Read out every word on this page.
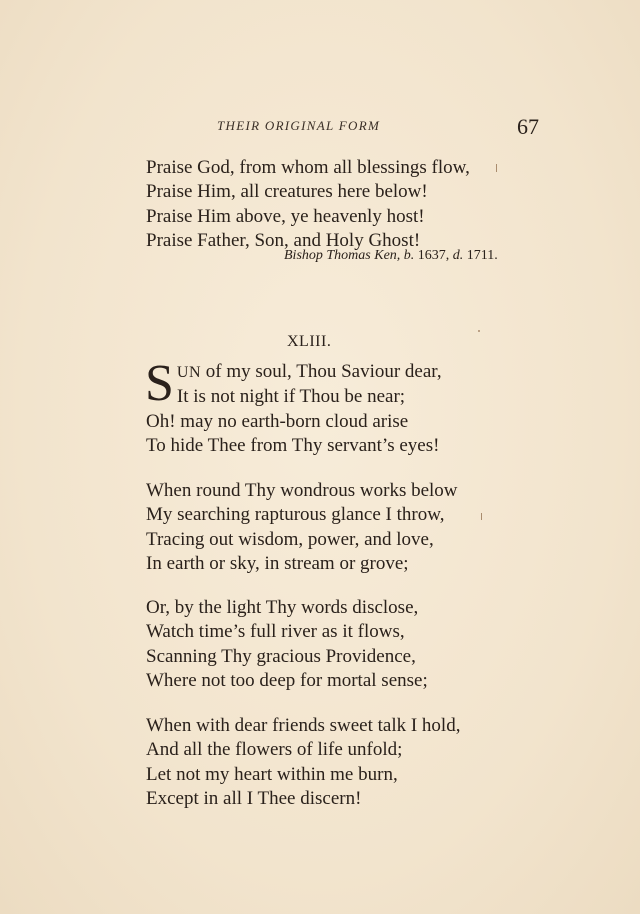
THEIR ORIGINAL FORM	67
Praise God, from whom all blessings flow,
Praise Him, all creatures here below!
Praise Him above, ye heavenly host!
Praise Father, Son, and Holy Ghost!
Bishop Thomas Ken, b. 1637, d. 1711.
XLIII.
S UN of my soul, Thou Saviour dear,
It is not night if Thou be near;
Oh! may no earth-born cloud arise
To hide Thee from Thy servant’s eyes!
When round Thy wondrous works below
My searching rapturous glance I throw,
Tracing out wisdom, power, and love,
In earth or sky, in stream or grove;
Or, by the light Thy words disclose,
Watch time’s full river as it flows,
Scanning Thy gracious Providence,
Where not too deep for mortal sense;
When with dear friends sweet talk I hold,
And all the flowers of life unfold;
Let not my heart within me burn,
Except in all I Thee discern!
